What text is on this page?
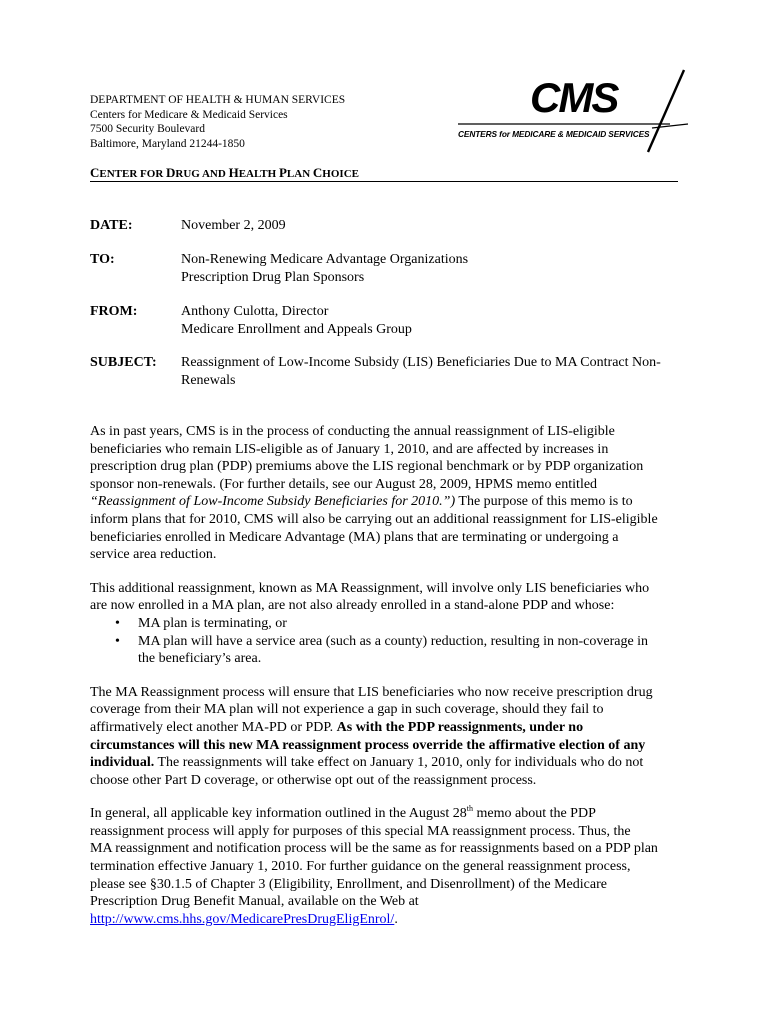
DEPARTMENT OF HEALTH & HUMAN SERVICES
Centers for Medicare & Medicaid Services
7500 Security Boulevard
Baltimore, Maryland 21244-1850
CMS
CENTERS for MEDICARE & MEDICAID SERVICES
CENTER FOR DRUG AND HEALTH PLAN CHOICE
DATE:	November 2, 2009
TO:	Non-Renewing Medicare Advantage Organizations
Prescription Drug Plan Sponsors
FROM:	Anthony Culotta, Director
Medicare Enrollment and Appeals Group
SUBJECT: Reassignment of Low-Income Subsidy (LIS) Beneficiaries Due to MA Contract Non-
Renewals
As in past years, CMS is in the process of conducting the annual reassignment of LIS-eligible
beneficiaries who remain LIS-eligible as of January 1, 2010, and are affected by increases in
prescription drug plan (PDP) premiums above the LIS regional benchmark or by PDP organization
sponsor non-renewals. (For further details, see our August 28, 2009, HPMS memo entitled
“Reassignment of Low-Income Subsidy Beneficiaries for 2010.”) The purpose of this memo is to
inform plans that for 2010, CMS will also be carrying out an additional reassignment for LIS-eligible
beneficiaries enrolled in Medicare Advantage (MA) plans that are terminating or undergoing a
service area reduction.
This additional reassignment, known as MA Reassignment, will involve only LIS beneficiaries who
are now enrolled in a MA plan, are not also already enrolled in a stand-alone PDP and whose:
• MA plan is terminating, or
• MA plan will have a service area (such as a county) reduction, resulting in non-coverage in
the beneficiary’s area.
The MA Reassignment process will ensure that LIS beneficiaries who now receive prescription drug
coverage from their MA plan will not experience a gap in such coverage, should they fail to
affirmatively elect another MA-PD or PDP. As with the PDP reassignments, under no
circumstances will this new MA reassignment process override the affirmative election of any
individual. The reassignments will take effect on January 1, 2010, only for individuals who do not
choose other Part D coverage, or otherwise opt out of the reassignment process.
In general, all applicable key information outlined in the August 28th memo about the PDP
reassignment process will apply for purposes of this special MA reassignment process. Thus, the
MA reassignment and notification process will be the same as for reassignments based on a PDP plan
termination effective January 1, 2010. For further guidance on the general reassignment process,
please see §30.1.5 of Chapter 3 (Eligibility, Enrollment, and Disenrollment) of the Medicare
Prescription Drug Benefit Manual, available on the Web at
http://www.cms.hhs.gov/MedicarePresDrugEligEnrol/.
